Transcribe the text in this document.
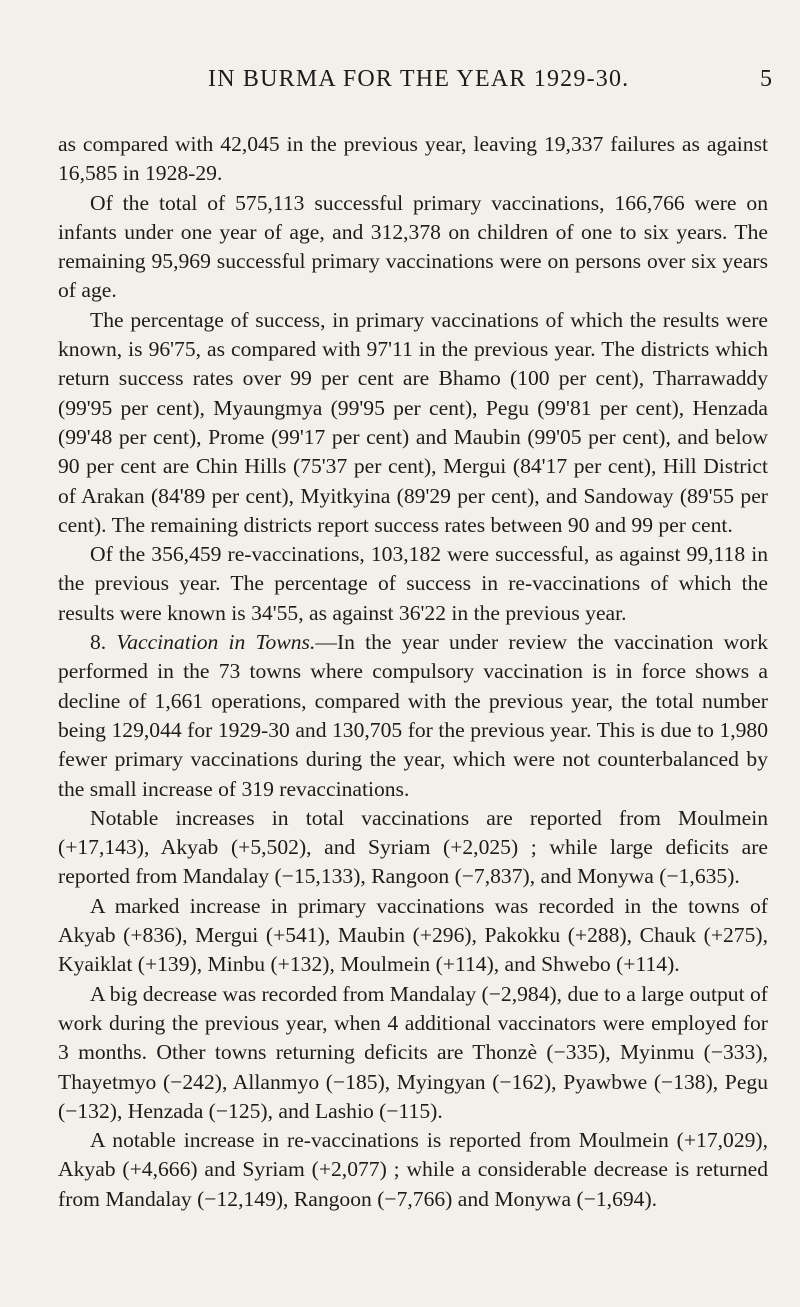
IN BURMA FOR THE YEAR 1929-30.	5

as compared with 42,045 in the previous year, leaving 19,337 failures as against 16,585 in 1928-29.

Of the total of 575,113 successful primary vaccinations, 166,766 were on infants under one year of age, and 312,378 on children of one to six years. The remaining 95,969 successful primary vaccinations were on persons over six years of age.

The percentage of success, in primary vaccinations of which the results were known, is 96'75, as compared with 97'11 in the previous year. The districts which return success rates over 99 per cent are Bhamo (100 per cent), Tharrawaddy (99'95 per cent), Myaungmya (99'95 per cent), Pegu (99'81 per cent), Henzada (99'48 per cent), Prome (99'17 per cent) and Maubin (99'05 per cent), and below 90 per cent are Chin Hills (75'37 per cent), Mergui (84'17 per cent), Hill District of Arakan (84'89 per cent), Myitkyina (89'29 per cent), and Sandoway (89'55 per cent). The remaining districts report success rates between 90 and 99 per cent.

Of the 356,459 re-vaccinations, 103,182 were successful, as against 99,118 in the previous year. The percentage of success in re-vaccinations of which the results were known is 34'55, as against 36'22 in the previous year.

8. Vaccination in Towns.—In the year under review the vaccination work performed in the 73 towns where compulsory vaccination is in force shows a decline of 1,661 operations, compared with the previous year, the total number being 129,044 for 1929-30 and 130,705 for the previous year. This is due to 1,980 fewer primary vaccinations during the year, which were not counterbalanced by the small increase of 319 revaccinations.

Notable increases in total vaccinations are reported from Moulmein (+17,143), Akyab (+5,502), and Syriam (+2,025) ; while large deficits are reported from Mandalay (−15,133), Rangoon (−7,837), and Monywa (−1,635).

A marked increase in primary vaccinations was recorded in the towns of Akyab (+836), Mergui (+541), Maubin (+296), Pakokku (+288), Chauk (+275), Kyaiklat (+139), Minbu (+132), Moulmein (+114), and Shwebo (+114).

A big decrease was recorded from Mandalay (−2,984), due to a large output of work during the previous year, when 4 additional vaccinators were employed for 3 months. Other towns returning deficits are Thonzè (−335), Myinmu (−333), Thayetmyo (−242), Allanmyo (−185), Myingyan (−162), Pyawbwe (−138), Pegu (−132), Henzada (−125), and Lashio (−115).

A notable increase in re-vaccinations is reported from Moulmein (+17,029), Akyab (+4,666) and Syriam (+2,077) ; while a considerable decrease is returned from Mandalay (−12,149), Rangoon (−7,766) and Monywa (−1,694).
